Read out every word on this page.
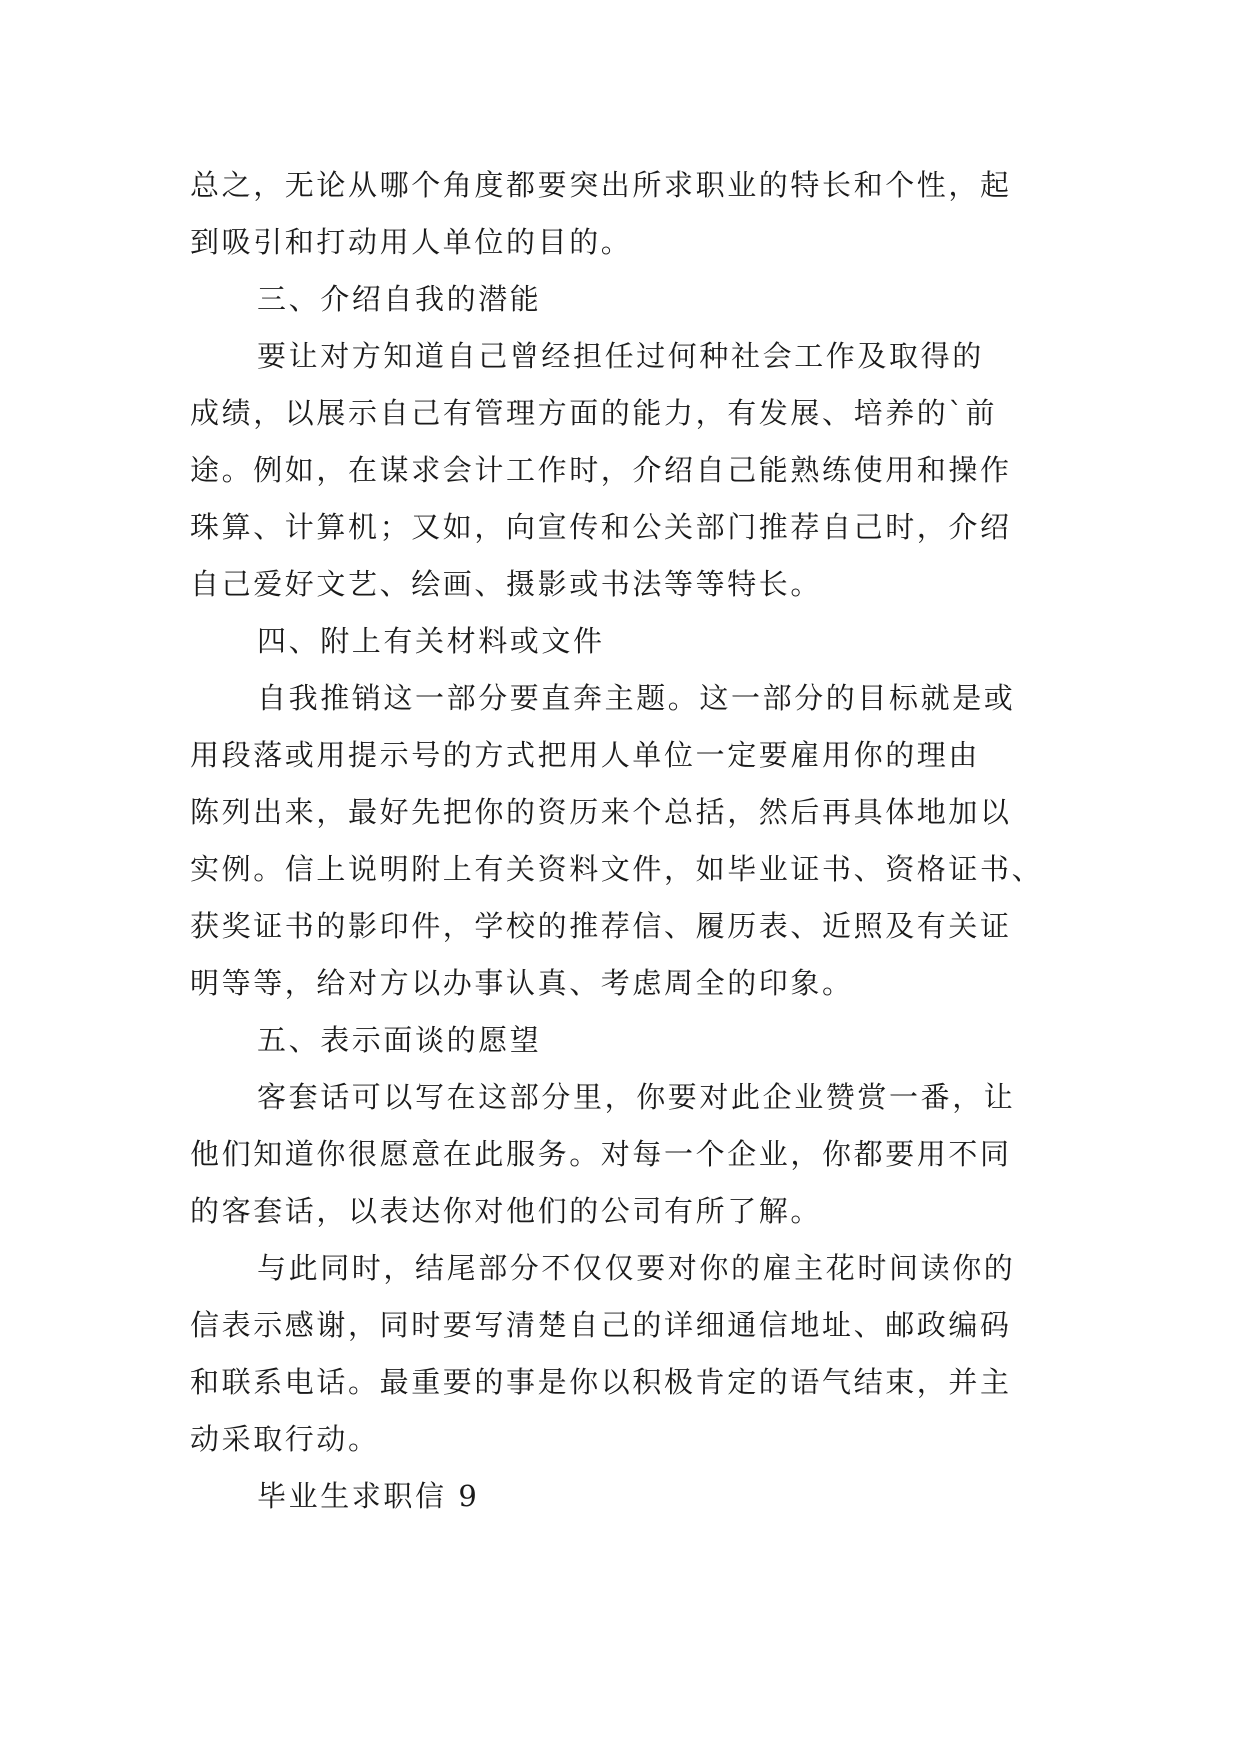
总之，无论从哪个角度都要突出所求职业的特长和个性，起
到吸引和打动用人单位的目的。
三、介绍自我的潜能
要让对方知道自己曾经担任过何种社会工作及取得的
成绩，以展示自己有管理方面的能力，有发展、培养的`前
途。例如，在谋求会计工作时，介绍自己能熟练使用和操作
珠算、计算机；又如，向宣传和公关部门推荐自己时，介绍
自己爱好文艺、绘画、摄影或书法等等特长。
四、附上有关材料或文件
自我推销这一部分要直奔主题。这一部分的目标就是或
用段落或用提示号的方式把用人单位一定要雇用你的理由
陈列出来，最好先把你的资历来个总括，然后再具体地加以
实例。信上说明附上有关资料文件，如毕业证书、资格证书、
获奖证书的影印件，学校的推荐信、履历表、近照及有关证
明等等，给对方以办事认真、考虑周全的印象。
五、表示面谈的愿望
客套话可以写在这部分里，你要对此企业赞赏一番，让
他们知道你很愿意在此服务。对每一个企业，你都要用不同
的客套话，以表达你对他们的公司有所了解。
与此同时，结尾部分不仅仅要对你的雇主花时间读你的
信表示感谢，同时要写清楚自己的详细通信地址、邮政编码
和联系电话。最重要的事是你以积极肯定的语气结束，并主
动采取行动。
毕业生求职信 9
